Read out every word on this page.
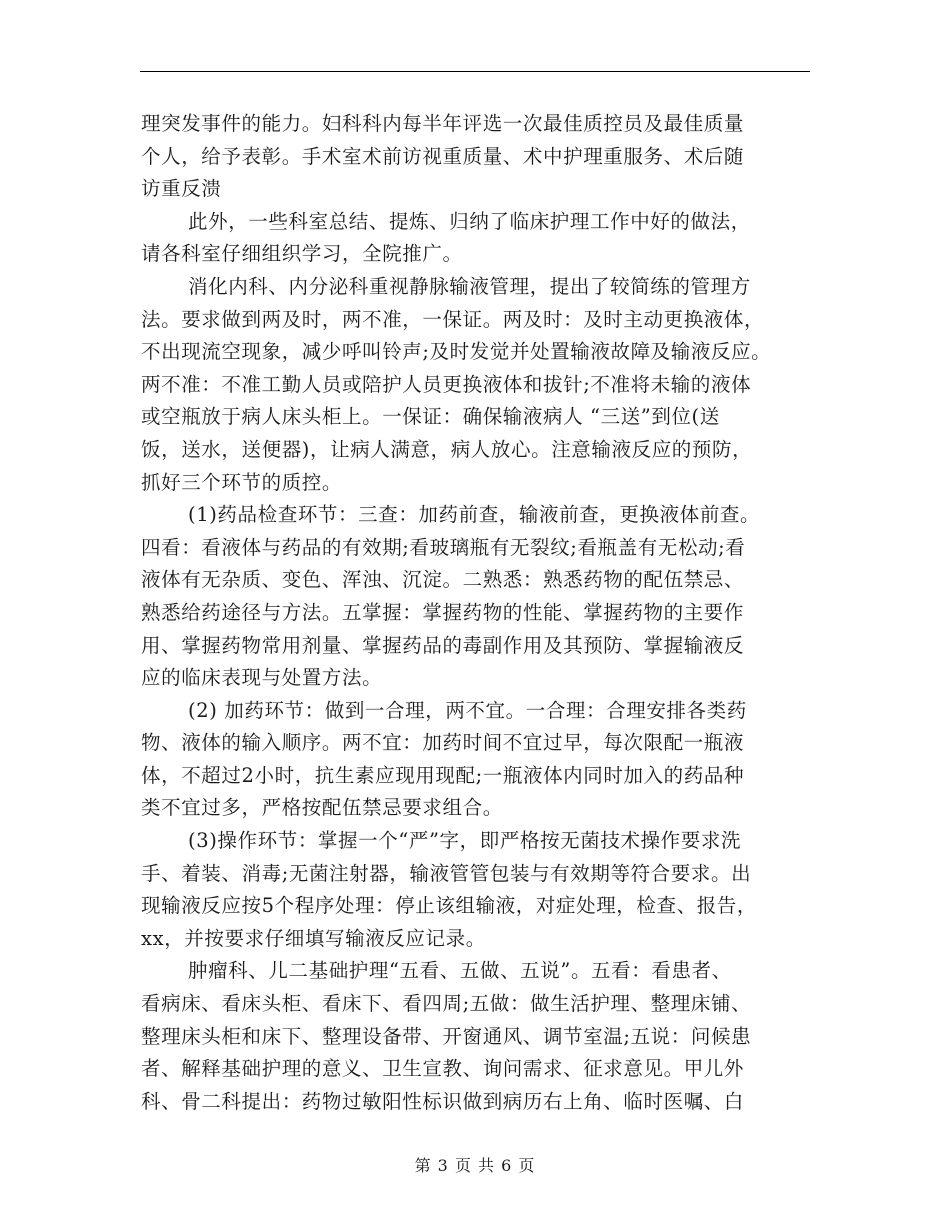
理突发事件的能力。妇科科内每半年评选一次最佳质控员及最佳质量
个人，给予表彰。手术室术前访视重质量、术中护理重服务、术后随
访重反溃
此外，一些科室总结、提炼、归纳了临床护理工作中好的做法，
请各科室仔细组织学习，全院推广。
消化内科、内分泌科重视静脉输液管理，提出了较简练的管理方
法。要求做到两及时，两不准，一保证。两及时：及时主动更换液体，
不出现流空现象，减少呼叫铃声;及时发觉并处置输液故障及输液反应。
两不准：不准工勤人员或陪护人员更换液体和拔针;不准将未输的液体
或空瓶放于病人床头柜上。一保证：确保输液病人 “三送”到位(送
饭，送水，送便器)，让病人满意，病人放心。注意输液反应的预防，
抓好三个环节的质控。
(1)药品检查环节：三查：加药前查，输液前查，更换液体前查。
四看：看液体与药品的有效期;看玻璃瓶有无裂纹;看瓶盖有无松动;看
液体有无杂质、变色、浑浊、沉淀。二熟悉：熟悉药物的配伍禁忌、
熟悉给药途径与方法。五掌握：掌握药物的性能、掌握药物的主要作
用、掌握药物常用剂量、掌握药品的毒副作用及其预防、掌握输液反
应的临床表现与处置方法。
(2) 加药环节：做到一合理，两不宜。一合理：合理安排各类药
物、液体的输入顺序。两不宜：加药时间不宜过早，每次限配一瓶液
体，不超过2小时，抗生素应现用现配;一瓶液体内同时加入的药品种
类不宜过多，严格按配伍禁忌要求组合。
(3)操作环节：掌握一个“严”字，即严格按无菌技术操作要求洗
手、着装、消毒;无菌注射器，输液管管包装与有效期等符合要求。出
现输液反应按5个程序处理：停止该组输液，对症处理，检查、报告，
xx，并按要求仔细填写输液反应记录。
肿瘤科、儿二基础护理“五看、五做、五说”。五看：看患者、
看病床、看床头柜、看床下、看四周;五做：做生活护理、整理床铺、
整理床头柜和床下、整理设备带、开窗通风、调节室温;五说：问候患
者、解释基础护理的意义、卫生宣教、询问需求、征求意见。甲儿外
科、骨二科提出：药物过敏阳性标识做到病历右上角、临时医嘱、白
第 3 页 共 6 页
